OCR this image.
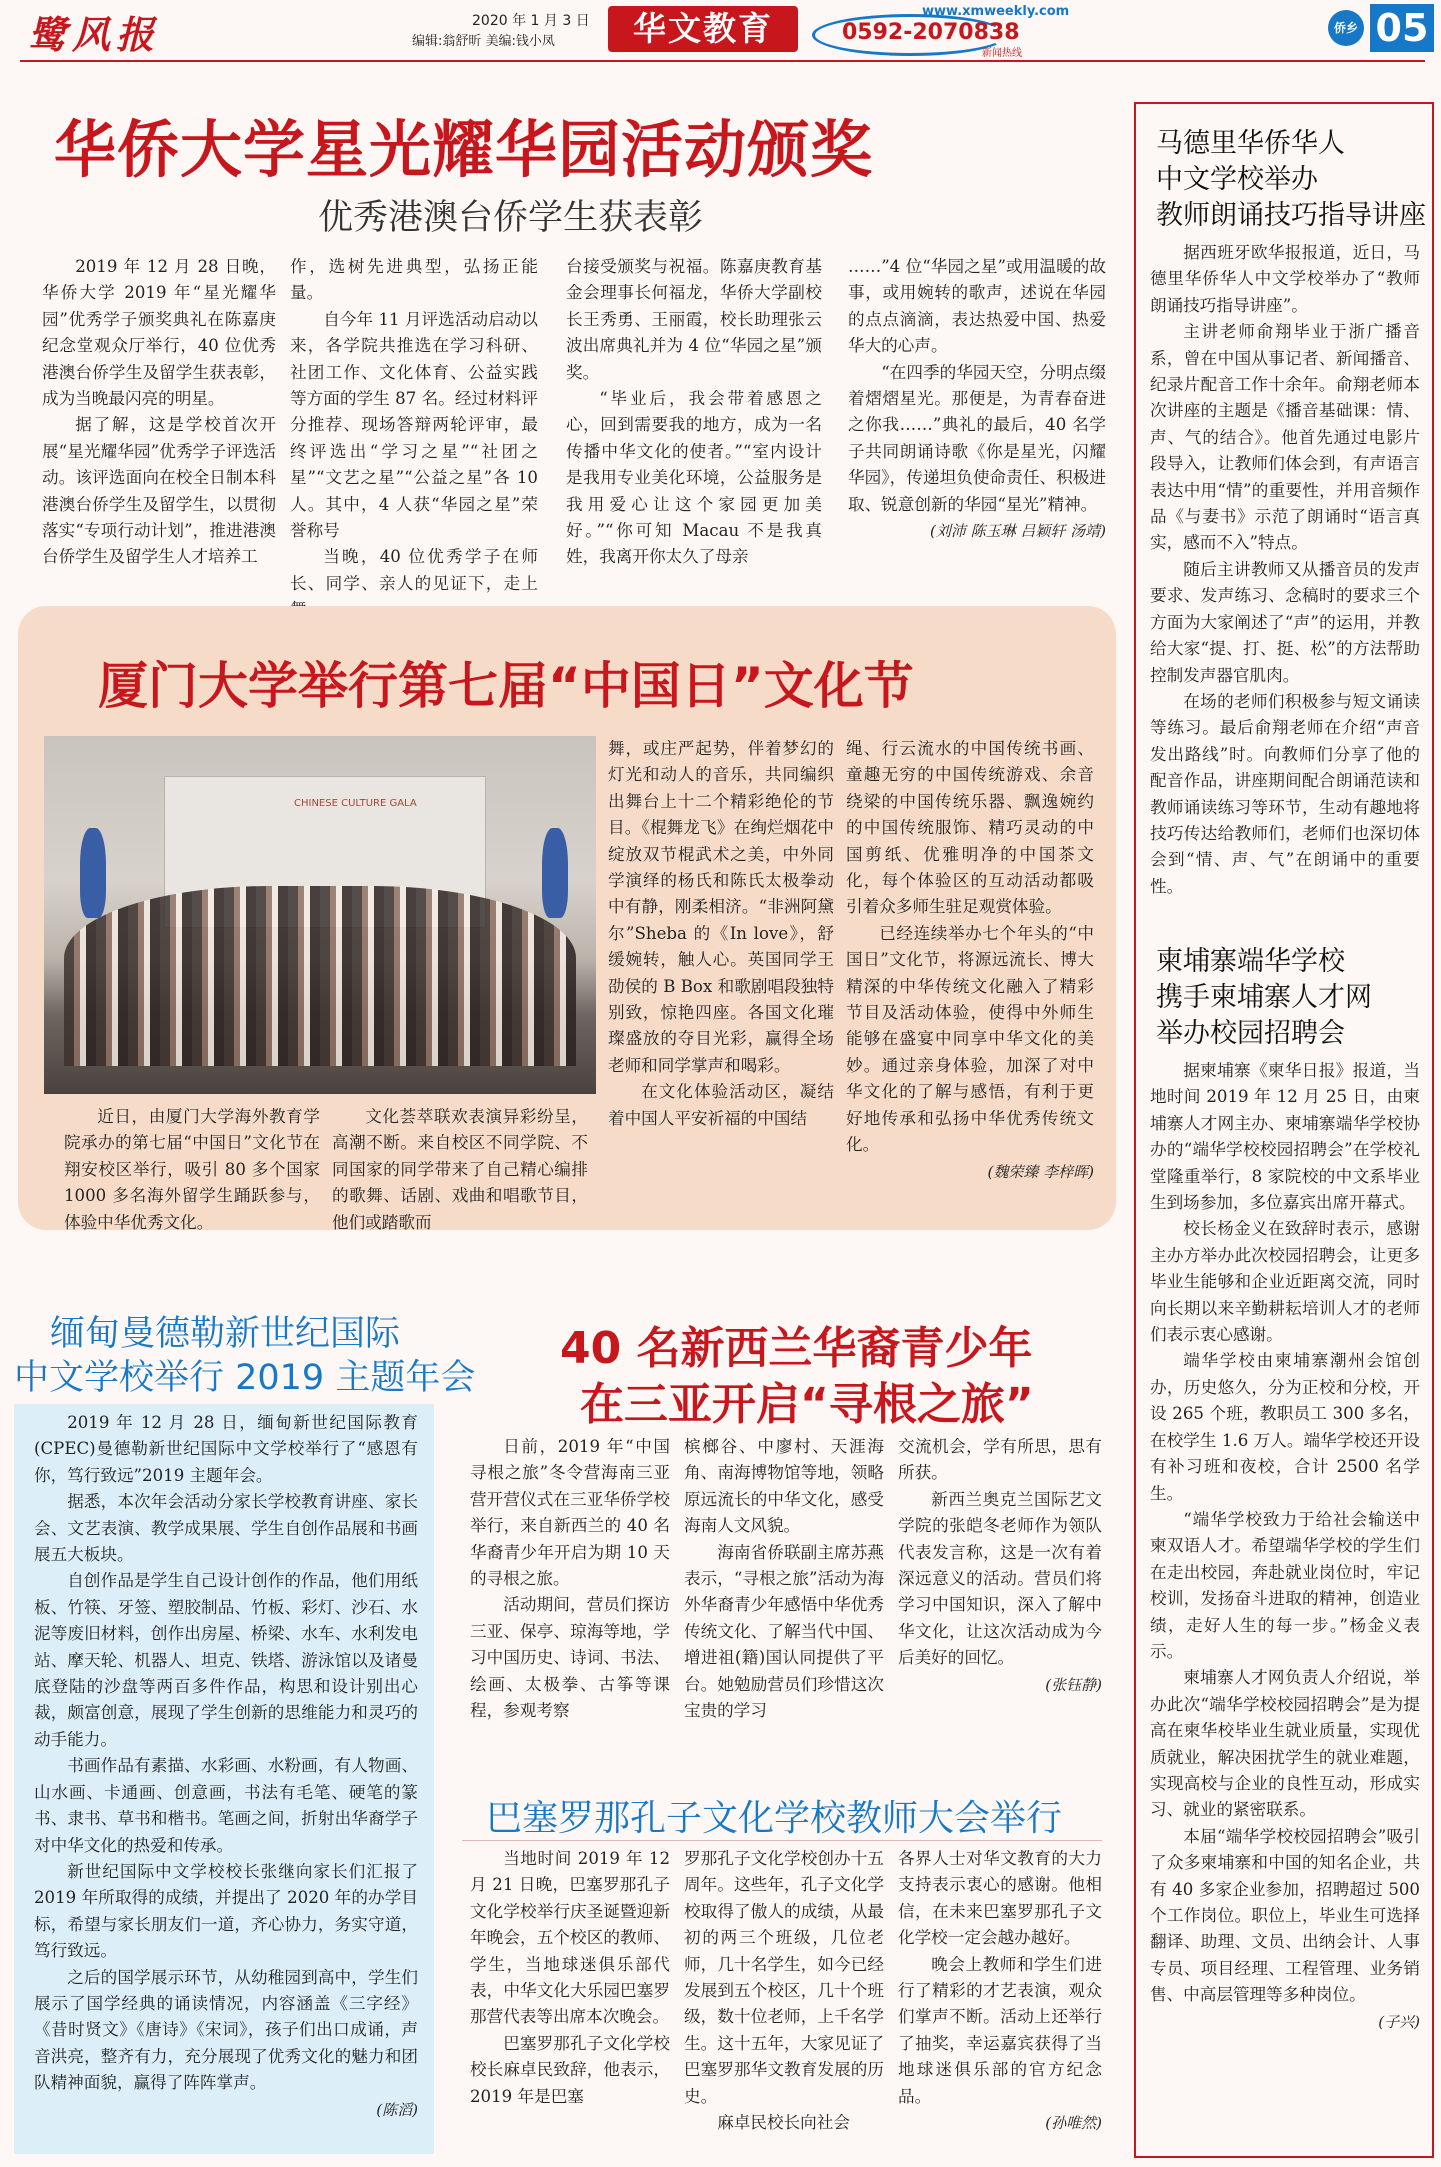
鹭风报	2020 年 1 月 3 日
编辑:翁舒昕 美编:钱小凤	华文教育	www.xmweekly.com
0592-2070838
新闻热线
侨乡 05
华侨大学星光耀华园活动颁奖
优秀港澳台侨学生获表彰

2019 年 12 月 28 日晚，华侨大学 2019 年“星光耀华园”优秀学子颁奖典礼在陈嘉庚纪念堂观众厅举行，40 位优秀港澳台侨学生及留学生获表彰，成为当晚最闪亮的明星。

据了解，这是学校首次开展“星光耀华园”优秀学子评选活动。该评选面向在校全日制本科港澳台侨学生及留学生，以贯彻落实“专项行动计划”，推进港澳台侨学生及留学生人才培养工

作，选树先进典型，弘扬正能量。

自今年 11 月评选活动启动以来，各学院共推选在学习科研、社团工作、文化体育、公益实践等方面的学生 87 名。经过材料评分推荐、现场答辩两轮评审，最终评选出“学习之星”“社团之星”“文艺之星”“公益之星”各 10 人。其中，4 人获“华园之星”荣誉称号

当晚，40 位优秀学子在师长、同学、亲人的见证下，走上

台接受颁奖与祝福。陈嘉庚教育基金会理事长何福龙，华侨大学副校长王秀勇、王丽霞，校长助理张云波出席典礼并为 4 位“华园之星”颁奖。

“毕业后，我会带着感恩之心，回到需要我的地方，成为一名传播中华文化的使者。”“室内设计是我用专业美化环境，公益服务是我用爱心让这个家园更加美好。”“你可知 Macau 不是我真姓，我离开你太久了母亲

……”4 位“华园之星”或用温暖的故事，或用婉转的歌声，述说在华园的点点滴滴，表达热爱中国、热爱华大的心声。

“在四季的华园天空，分明点缀着熠熠星光。那便是，为青春奋进之你我……”典礼的最后，40 名学子共同朗诵诗歌《你是星光，闪耀华园》，传递坦负使命责任、积极进取、锐意创新的华园“星光”精神。

(刘沛 陈玉琳 吕颖轩 汤靖)
厦门大学举行第七届“中国日”文化节
CHINESE CULTURE GALA

近日，由厦门大学海外教育学院承办的第七届“中国日”文化节在翔安校区举行，吸引 80 多个国家 1000 多名海外留学生踊跃参与，体验中华优秀文化。

文化荟萃联欢表演异彩纷呈，高潮不断。来自校区不同学院、不同国家的同学带来了自己精心编排的歌舞、话剧、戏曲和唱歌节目，他们或踏歌而

舞，或庄严起势，伴着梦幻的灯光和动人的音乐，共同编织出舞台上十二个精彩绝伦的节目。《棍舞龙飞》在绚烂烟花中绽放双节棍武术之美，中外同学演绎的杨氏和陈氏太极拳动中有静，刚柔相济。“非洲阿黛尔”Sheba 的《In love》，舒缓婉转，触人心。英国同学王劭侯的 B Box 和歌剧唱段独特别致，惊艳四座。各国文化璀璨盛放的夺目光彩，赢得全场老师和同学掌声和喝彩。

在文化体验活动区，凝结着中国人平安祈福的中国结

绳、行云流水的中国传统书画、童趣无穷的中国传统游戏、余音绕梁的中国传统乐器、飘逸婉约的中国传统服饰、精巧灵动的中国剪纸、优雅明净的中国茶文化，每个体验区的互动活动都吸引着众多师生驻足观赏体验。

已经连续举办七个年头的“中国日”文化节，将源远流长、博大精深的中华传统文化融入了精彩节目及活动体验，使得中外师生能够在盛宴中同享中华文化的美妙。通过亲身体验，加深了对中华文化的了解与感悟，有利于更好地传承和弘扬中华优秀传统文化。

(魏荣臻 李梓晖)
缅甸曼德勒新世纪国际
中文学校举行 2019 主题年会

2019 年 12 月 28 日，缅甸新世纪国际教育(CPEC)曼德勒新世纪国际中文学校举行了“感恩有你，笃行致远”2019 主题年会。

据悉，本次年会活动分家长学校教育讲座、家长会、文艺表演、教学成果展、学生自创作品展和书画展五大板块。

自创作品是学生自己设计创作的作品，他们用纸板、竹筷、牙签、塑胶制品、竹板、彩灯、沙石、水泥等废旧材料，创作出房屋、桥梁、水车、水利发电站、摩天轮、机器人、坦克、铁塔、游泳馆以及诸曼底登陆的沙盘等两百多件作品，构思和设计别出心裁，颇富创意，展现了学生创新的思维能力和灵巧的动手能力。

书画作品有素描、水彩画、水粉画，有人物画、山水画、卡通画、创意画，书法有毛笔、硬笔的篆书、隶书、草书和楷书。笔画之间，折射出华裔学子对中华文化的热爱和传承。

新世纪国际中文学校校长张继向家长们汇报了 2019 年所取得的成绩，并提出了 2020 年的办学目标，希望与家长朋友们一道，齐心协力，务实守道，笃行致远。

之后的国学展示环节，从幼稚园到高中，学生们展示了国学经典的诵读情况，内容涵盖《三字经》《昔时贤文》《唐诗》《宋词》，孩子们出口成诵，声音洪亮，整齐有力，充分展现了优秀文化的魅力和团队精神面貌，赢得了阵阵掌声。

(陈滔)
40 名新西兰华裔青少年
在三亚开启“寻根之旅”

日前，2019 年“中国寻根之旅”冬令营海南三亚营开营仪式在三亚华侨学校举行，来自新西兰的 40 名华裔青少年开启为期 10 天的寻根之旅。

活动期间，营员们探访三亚、保亭、琼海等地，学习中国历史、诗词、书法、绘画、太极拳、古筝等课程，参观考察

槟榔谷、中廖村、天涯海角、南海博物馆等地，领略原远流长的中华文化，感受海南人文风貌。

海南省侨联副主席苏燕表示，“寻根之旅”活动为海外华裔青少年感悟中华优秀传统文化、了解当代中国、增进祖(籍)国认同提供了平台。她勉励营员们珍惜这次宝贵的学习

交流机会，学有所思，思有所获。

新西兰奥克兰国际艺文学院的张皑冬老师作为领队代表发言称，这是一次有着深远意义的活动。营员们将学习中国知识，深入了解中华文化，让这次活动成为今后美好的回忆。

(张钰静)
巴塞罗那孔子文化学校教师大会举行

当地时间 2019 年 12 月 21 日晚，巴塞罗那孔子文化学校举行庆圣诞暨迎新年晚会，五个校区的教师、学生，当地球迷俱乐部代表，中华文化大乐园巴塞罗那营代表等出席本次晚会。

巴塞罗那孔子文化学校校长麻卓民致辞，他表示，2019 年是巴塞

罗那孔子文化学校创办十五周年。这些年，孔子文化学校取得了傲人的成绩，从最初的两三个班级，几位老师，几十名学生，如今已经发展到五个校区，几十个班级，数十位老师，上千名学生。这十五年，大家见证了巴塞罗那华文教育发展的历史。

麻卓民校长向社会

各界人士对华文教育的大力支持表示衷心的感谢。他相信，在未来巴塞罗那孔子文化学校一定会越办越好。

晚会上教师和学生们进行了精彩的才艺表演，观众们掌声不断。活动上还举行了抽奖，幸运嘉宾获得了当地球迷俱乐部的官方纪念品。

(孙唯然)
马德里华侨华人
中文学校举办
教师朗诵技巧指导讲座

据西班牙欧华报报道，近日，马德里华侨华人中文学校举办了“教师朗诵技巧指导讲座”。

主讲老师俞翔毕业于浙广播音系，曾在中国从事记者、新闻播音、纪录片配音工作十余年。俞翔老师本次讲座的主题是《播音基础课：情、声、气的结合》。他首先通过电影片段导入，让教师们体会到，有声语言表达中用“情”的重要性，并用音频作品《与妻书》示范了朗诵时“语言真实，感而不入”特点。

随后主讲教师又从播音员的发声要求、发声练习、念稿时的要求三个方面为大家阐述了“声”的运用，并教给大家“提、打、挺、松”的方法帮助控制发声器官肌肉。

在场的老师们积极参与短文诵读等练习。最后俞翔老师在介绍“声音发出路线”时。向教师们分享了他的配音作品，讲座期间配合朗诵范读和教师诵读练习等环节，生动有趣地将技巧传达给教师们，老师们也深切体会到“情、声、气”在朗诵中的重要性。

柬埔寨端华学校
携手柬埔寨人才网
举办校园招聘会

据柬埔寨《柬华日报》报道，当地时间 2019 年 12 月 25 日，由柬埔寨人才网主办、柬埔寨端华学校协办的“端华学校校园招聘会”在学校礼堂隆重举行，8 家院校的中文系毕业生到场参加，多位嘉宾出席开幕式。

校长杨金义在致辞时表示，感谢主办方举办此次校园招聘会，让更多毕业生能够和企业近距离交流，同时向长期以来辛勤耕耘培训人才的老师们表示衷心感谢。

端华学校由柬埔寨潮州会馆创办，历史悠久，分为正校和分校，开设 265 个班，教职员工 300 多名，在校学生 1.6 万人。端华学校还开设有补习班和夜校，合计 2500 名学生。

“端华学校致力于给社会输送中柬双语人才。希望端华学校的学生们在走出校园，奔赴就业岗位时，牢记校训，发扬奋斗进取的精神，创造业绩，走好人生的每一步。”杨金义表示。

柬埔寨人才网负责人介绍说，举办此次“端华学校校园招聘会”是为提高在柬华校毕业生就业质量，实现优质就业，解决困扰学生的就业难题，实现高校与企业的良性互动，形成实习、就业的紧密联系。

本届“端华学校校园招聘会”吸引了众多柬埔寨和中国的知名企业，共有 40 多家企业参加，招聘超过 500 个工作岗位。职位上，毕业生可选择翻译、助理、文员、出纳会计、人事专员、项目经理、工程管理、业务销售、中高层管理等多种岗位。

(子兴)
